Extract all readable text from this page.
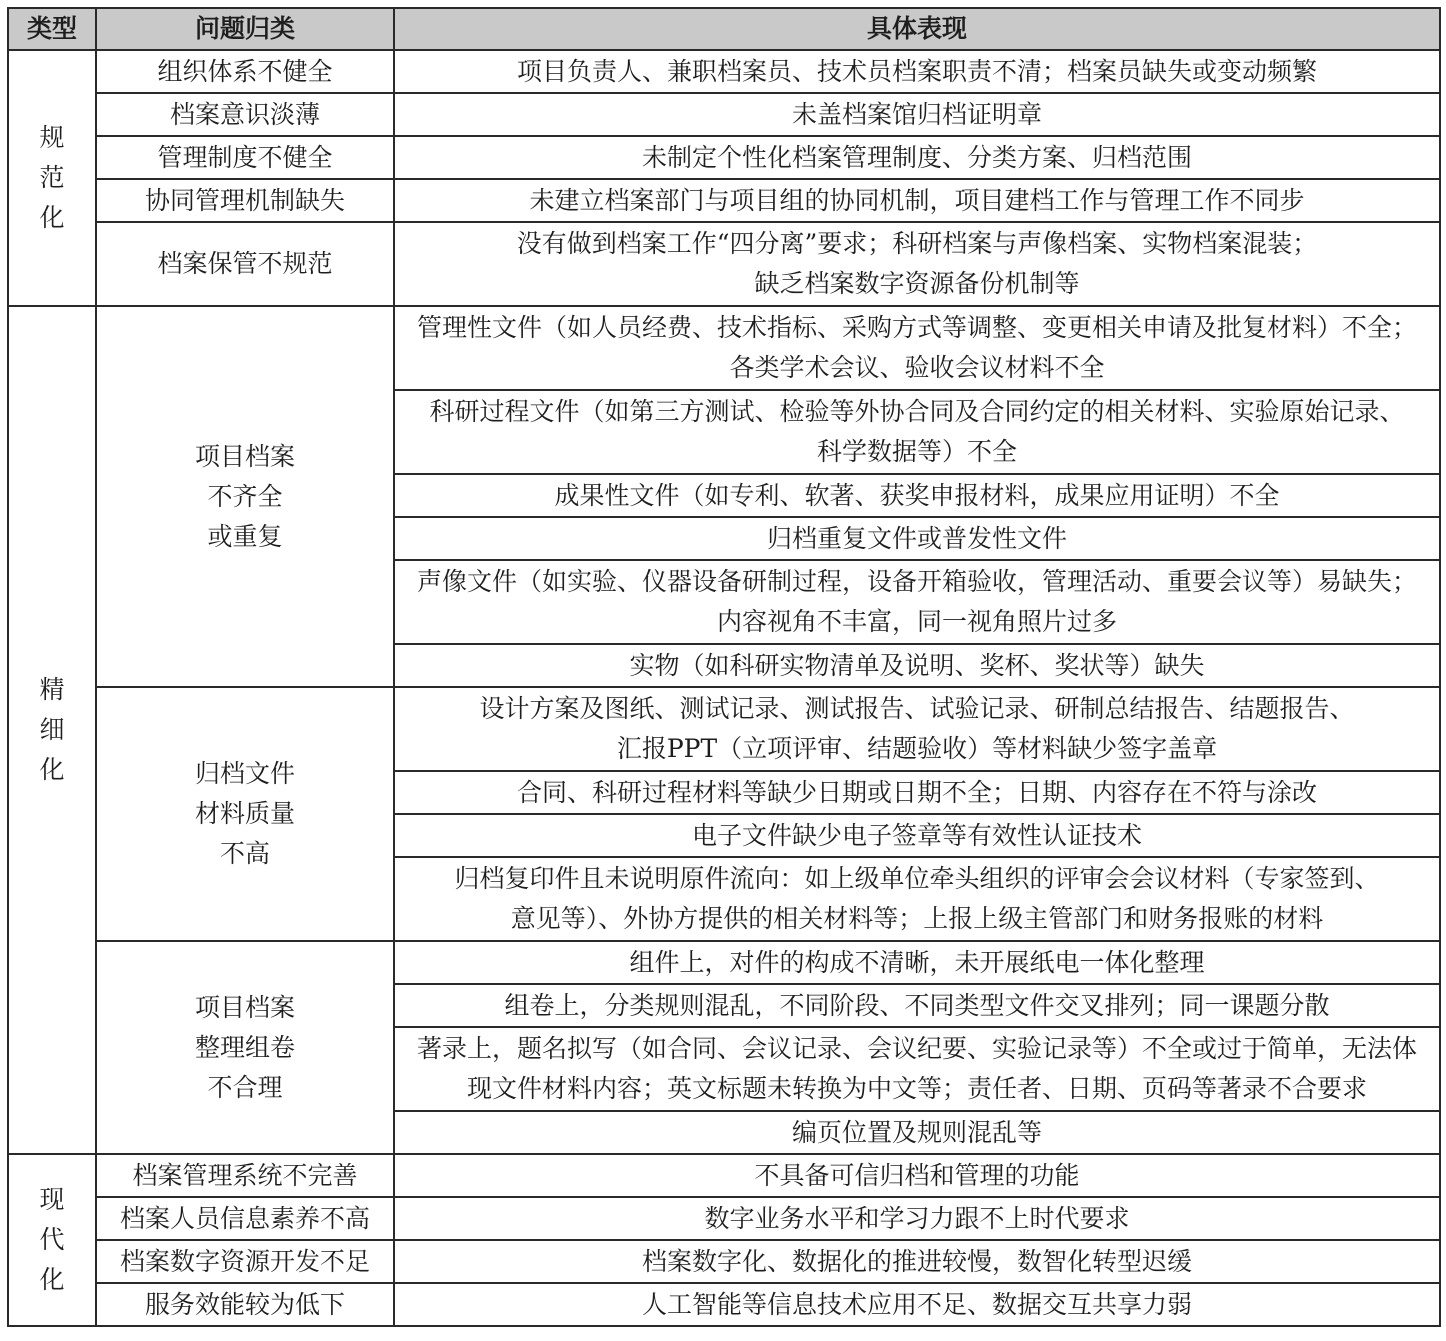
类型	问题归类	具体表现
规
范
化	组织体系不健全	项目负责人、兼职档案员、技术员档案职责不清；档案员缺失或变动频繁
	档案意识淡薄	未盖档案馆归档证明章
	管理制度不健全	未制定个性化档案管理制度、分类方案、归档范围
	协同管理机制缺失	未建立档案部门与项目组的协同机制，项目建档工作与管理工作不同步
	档案保管不规范	没有做到档案工作“四分离”要求；科研档案与声像档案、实物档案混装；
缺乏档案数字资源备份机制等
精
细
化	项目档案
不齐全
或重复	管理性文件（如人员经费、技术指标、采购方式等调整、变更相关申请及批复材料）不全；
各类学术会议、验收会议材料不全
		科研过程文件（如第三方测试、检验等外协合同及合同约定的相关材料、实验原始记录、
科学数据等）不全
		成果性文件（如专利、软著、获奖申报材料，成果应用证明）不全
		归档重复文件或普发性文件
		声像文件（如实验、仪器设备研制过程，设备开箱验收，管理活动、重要会议等）易缺失；
内容视角不丰富，同一视角照片过多
		实物（如科研实物清单及说明、奖杯、奖状等）缺失
	归档文件
材料质量
不高	设计方案及图纸、测试记录、测试报告、试验记录、研制总结报告、结题报告、
汇报PPT（立项评审、结题验收）等材料缺少签字盖章
		合同、科研过程材料等缺少日期或日期不全；日期、内容存在不符与涂改
		电子文件缺少电子签章等有效性认证技术
		归档复印件且未说明原件流向：如上级单位牵头组织的评审会会议材料（专家签到、
意见等）、外协方提供的相关材料等；上报上级主管部门和财务报账的材料
	项目档案
整理组卷
不合理	组件上，对件的构成不清晰，未开展纸电一体化整理
		组卷上，分类规则混乱，不同阶段、不同类型文件交叉排列；同一课题分散
		著录上，题名拟写（如合同、会议记录、会议纪要、实验记录等）不全或过于简单，无法体
现文件材料内容；英文标题未转换为中文等；责任者、日期、页码等著录不合要求
		编页位置及规则混乱等
现
代
化	档案管理系统不完善	不具备可信归档和管理的功能
	档案人员信息素养不高	数字业务水平和学习力跟不上时代要求
	档案数字资源开发不足	档案数字化、数据化的推进较慢，数智化转型迟缓
	服务效能较为低下	人工智能等信息技术应用不足、数据交互共享力弱
